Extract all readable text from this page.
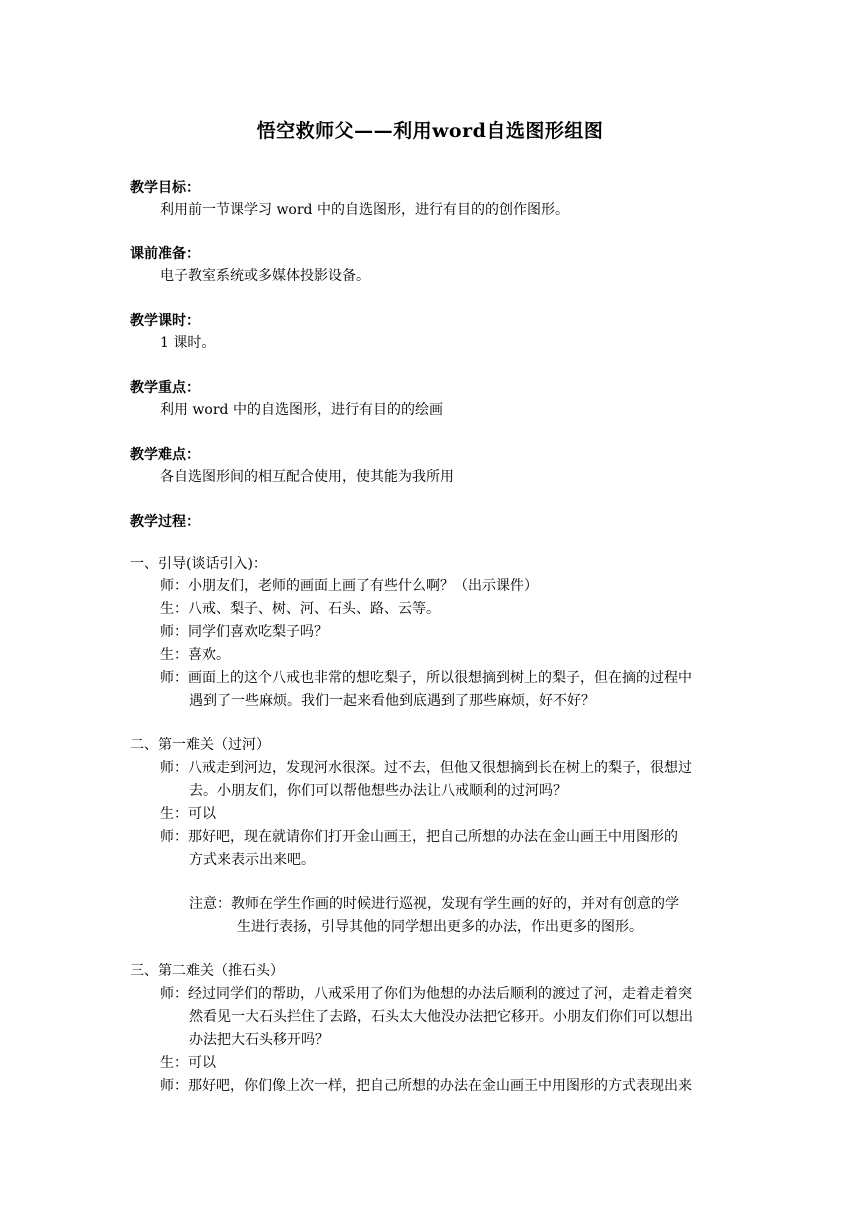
悟空救师父——利用word自选图形组图
教学目标：
利用前一节课学习 word 中的自选图形，进行有目的的创作图形。
课前准备：
电子教室系统或多媒体投影设备。
教学课时：
1 课时。
教学重点：
利用 word 中的自选图形，进行有目的的绘画
教学难点：
各自选图形间的相互配合使用，使其能为我所用
教学过程：
一、引导(谈话引入)：
师：小朋友们，老师的画面上画了有些什么啊？（出示课件）
生：八戒、梨子、树、河、石头、路、云等。
师：同学们喜欢吃梨子吗？
生：喜欢。
师：画面上的这个八戒也非常的想吃梨子，所以很想摘到树上的梨子，但在摘的过程中
遇到了一些麻烦。我们一起来看他到底遇到了那些麻烦，好不好？
二、第一难关（过河）
师：八戒走到河边，发现河水很深。过不去，但他又很想摘到长在树上的梨子，很想过
去。小朋友们，你们可以帮他想些办法让八戒顺利的过河吗？
生：可以
师：那好吧，现在就请你们打开金山画王，把自己所想的办法在金山画王中用图形的
方式来表示出来吧。
注意：教师在学生作画的时候进行巡视，发现有学生画的好的，并对有创意的学
生进行表扬，引导其他的同学想出更多的办法，作出更多的图形。
三、第二难关（推石头）
师：经过同学们的帮助，八戒采用了你们为他想的办法后顺利的渡过了河，走着走着突
然看见一大石头拦住了去路，石头太大他没办法把它移开。小朋友们你们可以想出
办法把大石头移开吗？
生：可以
师：那好吧，你们像上次一样，把自己所想的办法在金山画王中用图形的方式表现出来
